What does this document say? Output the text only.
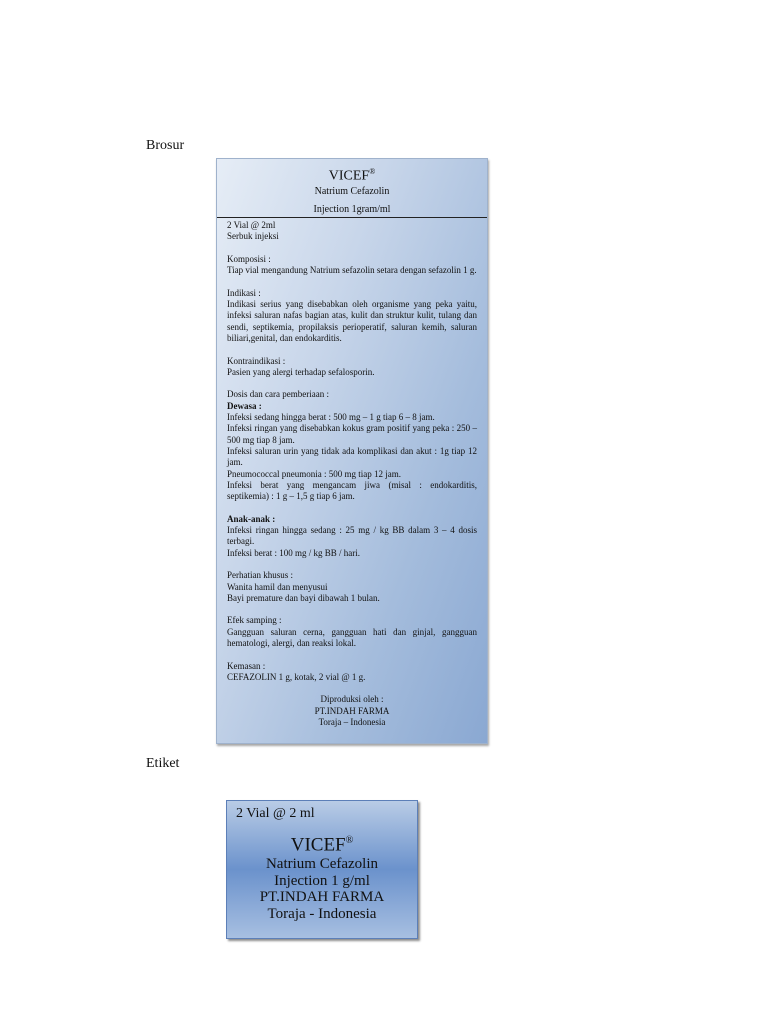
Brosur
VICEF®
Natrium Cefazolin
Injection 1gram/ml

2 Vial @ 2ml

Serbuk injeksi

Komposisi :

Tiap vial mengandung Natrium sefazolin setara dengan sefazolin 1 g.

Indikasi :

Indikasi serius yang disebabkan oleh organisme yang peka yaitu, infeksi saluran nafas bagian atas, kulit dan struktur kulit, tulang dan sendi, septikemia, propilaksis perioperatif, saluran kemih, saluran biliari,genital, dan endokarditis.

Kontraindikasi :

Pasien yang alergi terhadap sefalosporin.

Dosis dan cara pemberiaan :

Dewasa :

Infeksi sedang hingga berat : 500 mg – 1 g tiap 6 – 8 jam.

Infeksi ringan yang disebabkan kokus gram positif yang peka : 250 – 500 mg tiap 8 jam.

Infeksi saluran urin yang tidak ada komplikasi dan akut : 1g tiap 12 jam.

Pneumococcal pneumonia : 500 mg tiap 12 jam.

Infeksi berat yang mengancam jiwa (misal : endokarditis, septikemia) : 1 g – 1,5 g tiap 6 jam.

Anak-anak :

Infeksi ringan hingga sedang : 25 mg / kg BB dalam 3 – 4 dosis terbagi.

Infeksi berat : 100 mg / kg BB / hari.

Perhatian khusus :

Wanita hamil dan menyusui

Bayi premature dan bayi dibawah 1 bulan.

Efek samping :

Gangguan saluran cerna, gangguan hati dan ginjal, gangguan hematologi, alergi, dan reaksi lokal.

Kemasan :

CEFAZOLIN 1 g, kotak, 2 vial @ 1 g.

Diproduksi oleh :

PT.INDAH FARMA

Toraja – Indonesia

Etiket
2 Vial @ 2 ml
VICEF®
Natrium Cefazolin
Injection 1 g/ml
PT.INDAH FARMA
Toraja - Indonesia
